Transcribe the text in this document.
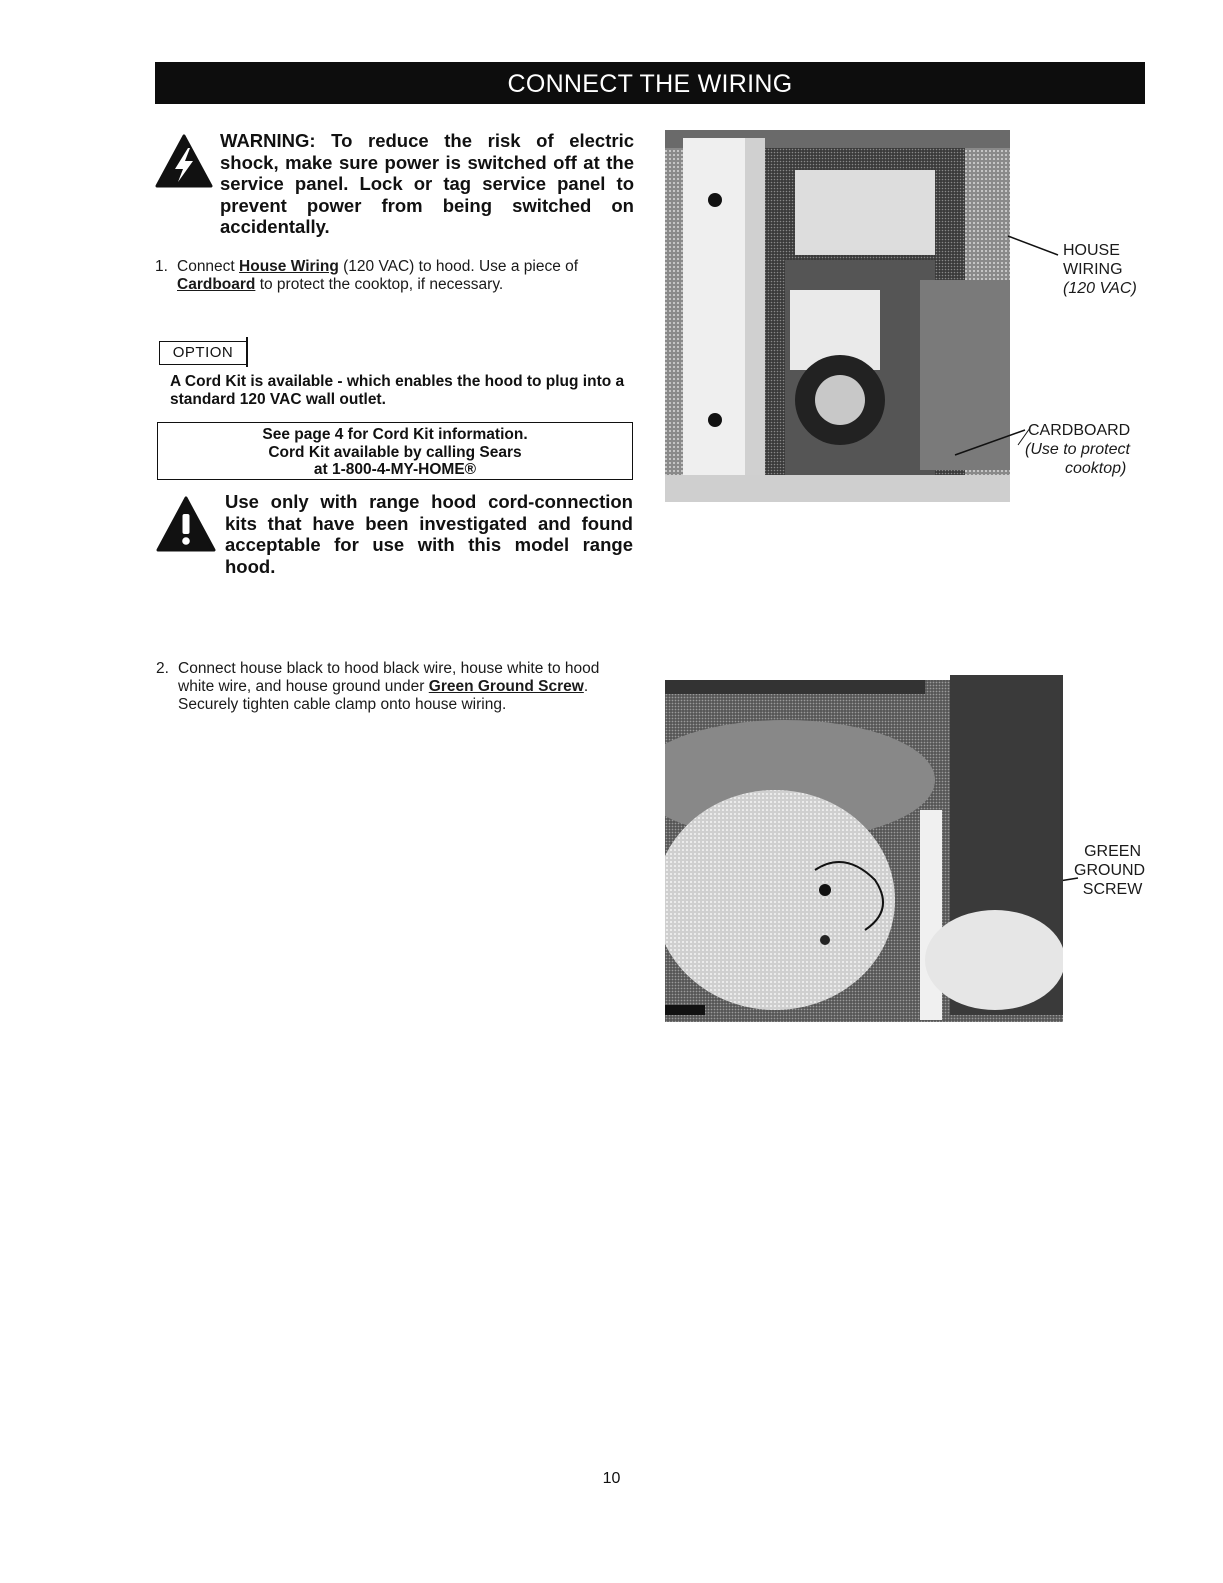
CONNECT THE WIRING
WARNING: To reduce the risk of electric shock, make sure power is switched off at the service panel. Lock or tag service panel to prevent power from being switched on accidentally.
1. Connect House Wiring (120 VAC) to hood. Use a piece of Cardboard to protect the cooktop, if necessary.
OPTION
A Cord Kit is available - which enables the hood to plug into a standard 120 VAC wall outlet.
See page 4 for Cord Kit information.
Cord Kit available by calling Sears
at 1-800-4-MY-HOME®
Use only with range hood cord-connection kits that have been investigated and found acceptable for use with this model range hood.
2. Connect house black to hood black wire, house white to hood white wire, and house ground under Green Ground Screw. Securely tighten cable clamp onto house wiring.
HOUSE
WIRING
(120 VAC)
CARDBOARD
(Use to protect
cooktop)
GREEN
GROUND
SCREW
10
